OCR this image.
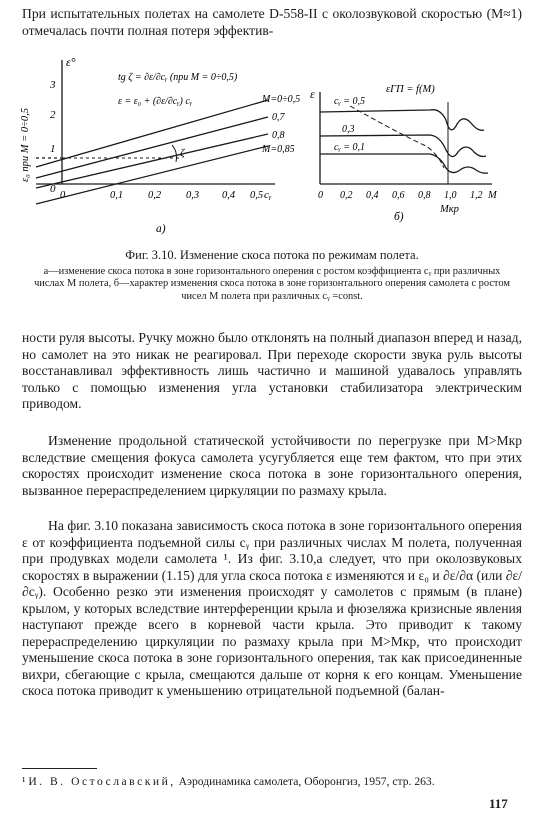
При испытательных полетах на самолете D-558-II с околозвуковой скоростью (M≈1) отмечалась почти полная потеря эффектив-

ε₀ при M = 0÷0,5
ε°
3
2
1
0
0	0,1 0,2 0,3 0,4 0,5 cᵧ
tg ζ = ∂ε/∂cᵧ (при M = 0÷0,5)
ε = ε₀ + (∂ε/∂cᵧ) cᵧ	M=0÷0,5
0,7
0,8
M=0,85
ζ
а)
ε	εГП = f(M)
cᵧ = 0,5
0,3
cᵧ = 0,1
0 0,2 0,4 0,6 0,8 1,0 1,2 M
Mкр
б)

Фиг. 3.10. Изменение скоса потока по режимам полета.

а—изменение скоса потока в зоне горизонтального оперения с ростом коэффициента cᵧ при различных числах M полета, б—характер изменения скоса потока в зоне горизонтального оперения самолета с ростом чисел M полета при различных cᵧ =const.

ности руля высоты. Ручку можно было отклонять на полный диапазон вперед и назад, но самолет на это никак не реагировал. При переходе скорости звука руль высоты восстанавливал эффективность лишь частично и машиной удавалось управлять только с помощью изменения угла установки стабилизатора электрическим приводом.

Изменение продольной статической устойчивости по перегрузке при M>Mкр вследствие смещения фокуса самолета усугубляется еще тем фактом, что при этих скоростях происходит изменение скоса потока в зоне горизонтального оперения, вызванное перераспределением циркуляции по размаху крыла.

На фиг. 3.10 показана зависимость скоса потока в зоне горизонтального оперения ε от коэффициента подъемной силы cᵧ при различных числах M полета, полученная при продувках модели самолета ¹. Из фиг. 3.10,а следует, что при околозвуковых скоростях в выражении (1.15) для угла скоса потока ε изменяются и ε₀ и ∂ε/∂α (или ∂ε/∂cᵧ). Особенно резко эти изменения происходят у самолетов с прямым (в плане) крылом, у которых вследствие интерференции крыла и фюзеляжа кризисные явления наступают прежде всего в корневой части крыла. Это приводит к такому перераспределению циркуляции по размаху крыла при M>Mкр, что происходит уменьшение скоса потока в зоне горизонтального оперения, так как присоединенные вихри, сбегающие с крыла, смещаются дальше от корня к его концам. Уменьшение скоса потока приводит к уменьшению отрицательной подъемной (балан-

¹ И. В. Остославский, Аэродинамика самолета, Оборонгиз, 1957, стр. 263.

117
